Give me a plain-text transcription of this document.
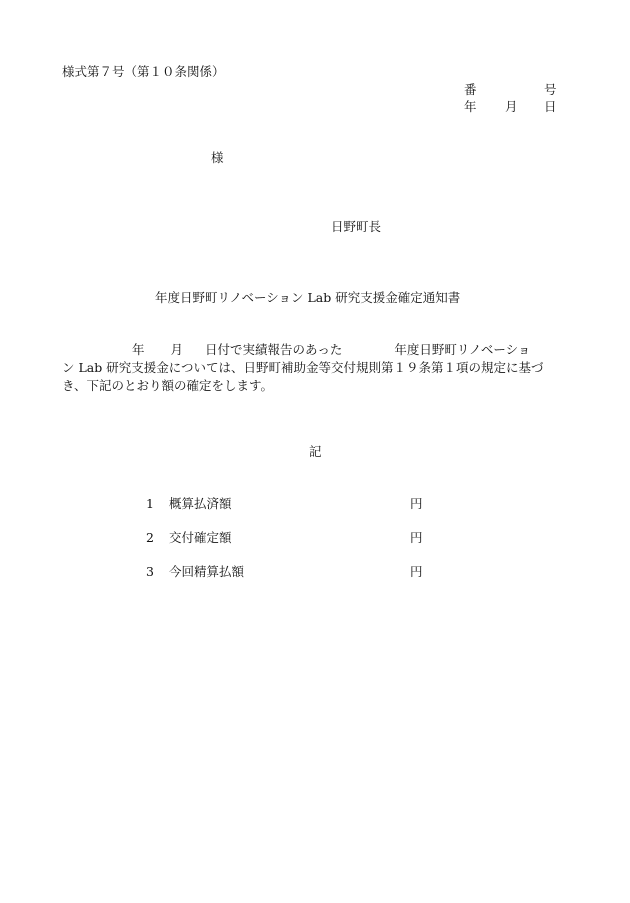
様式第７号（第１０条関係）
番	号
年 月 日
様
日野町長
年度日野町リノベーション Lab 研究支援金確定通知書
年 月 日付で実績報告のあった	年度日野町リノベーショ
ン Lab 研究支援金については、日野町補助金等交付規則第１９条第１項の規定に基づ
き、下記のとおり額の確定をします。
記
1 概算払済額	円
2 交付確定額	円
3 今回精算払額	円
